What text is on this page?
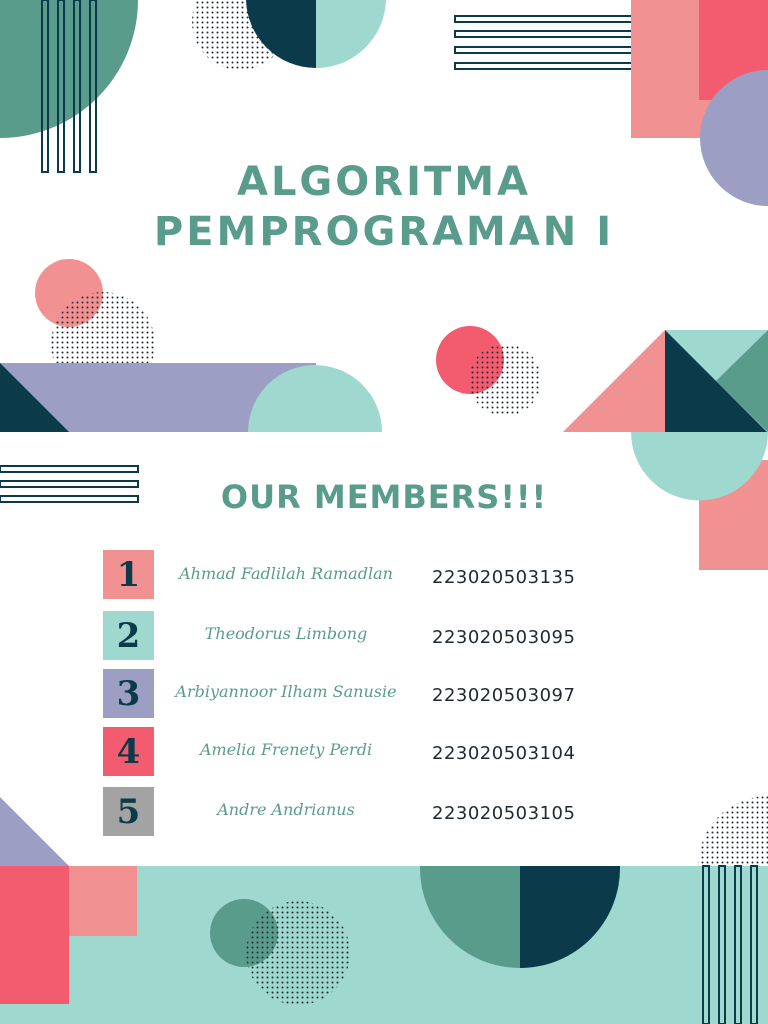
ALGORITMA
PEMPROGRAMAN I
OUR MEMBERS!!!
1	Ahmad Fadlilah Ramadlan	223020503135
2	Theodorus Limbong	223020503095
3	Arbiyannoor Ilham Sanusie	223020503097
4	Amelia Frenety Perdi	223020503104
5	Andre Andrianus	223020503105
